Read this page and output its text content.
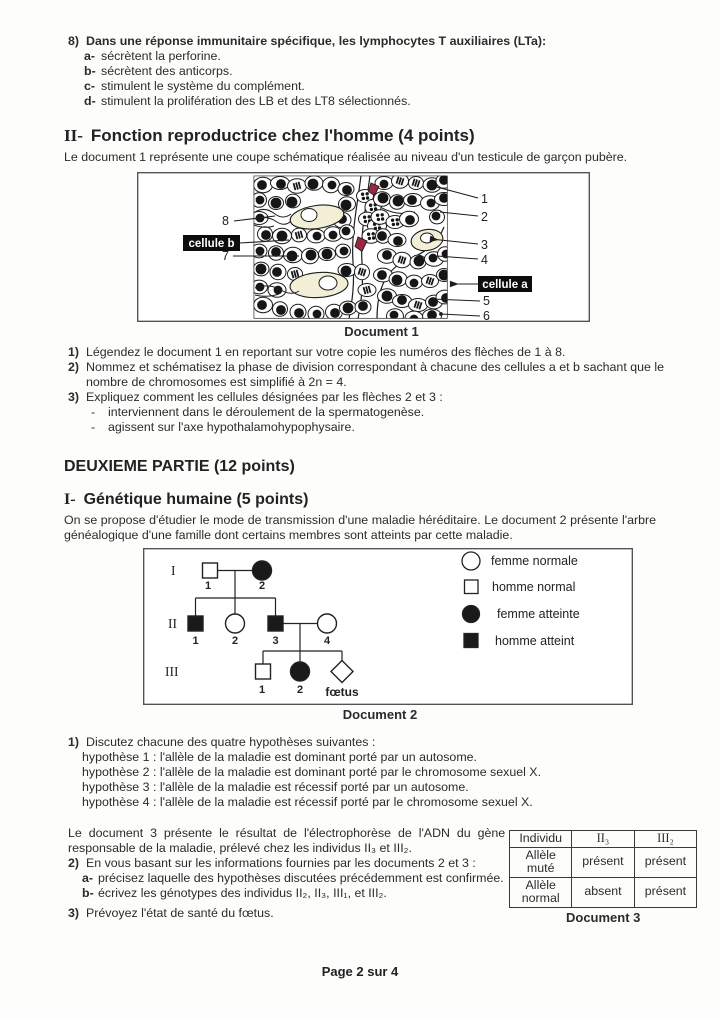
8) Dans une réponse immunitaire spécifique, les lymphocytes T auxiliaires (LTa):
a- sécrètent la perforine.
b- sécrètent des anticorps.
c- stimulent le système du complément.
d- stimulent la prolifération des LB et des LT8 sélectionnés.
II- Fonction reproductrice chez l'homme (4 points)

Le document 1 représente une coupe schématique réalisée au niveau d'un testicule de garçon pubère.

8
cellule b
7
1
2
3
4
cellule a
5
6
Document 1
1) Légendez le document 1 en reportant sur votre copie les numéros des flèches de 1 à 8.
2) Nommez et schématisez la phase de division correspondant à chacune des cellules a et b sachant que le nombre de chromosomes est simplifié à 2n = 4.
3) Expliquez comment les cellules désignées par les flèches 2 et 3 :
-	interviennent dans le déroulement de la spermatogenèse.
-	agissent sur l'axe hypothalamohypophysaire.
DEUXIEME PARTIE (12 points)
I- Génétique humaine (5 points)

On se propose d'étudier le mode de transmission d'une maladie héréditaire. Le document 2 présente l'arbre généalogique d'une famille dont certains membres sont atteints par cette maladie.

I
II
III
1	2
1	2	3	4
1	2 fœtus
femme normale
homme normal
femme atteinte
homme atteint
Document 2
1) Discutez chacune des quatre hypothèses suivantes :
hypothèse 1 : l'allèle de la maladie est dominant porté par un autosome.
hypothèse 2 : l'allèle de la maladie est dominant porté par le chromosome sexuel X.
hypothèse 3 : l'allèle de la maladie est récessif porté par un autosome.
hypothèse 4 : l'allèle de la maladie est récessif porté par le chromosome sexuel X.

Le document 3 présente le résultat de l'électrophorèse de l'ADN du gène responsable de la maladie, prélevé chez les individus II₃ et III₂.

2) En vous basant sur les informations fournies par les documents 2 et 3 :
a- précisez laquelle des hypothèses discutées précédemment est confirmée.
b- écrivez les génotypes des individus II₂, II₃, III₁, et III₂.
3) Prévoyez l'état de santé du fœtus.
Individu	II₃	III₂
Allèle muté	présent	présent
Allèle normal	absent	présent
Document 3
Page 2 sur 4
